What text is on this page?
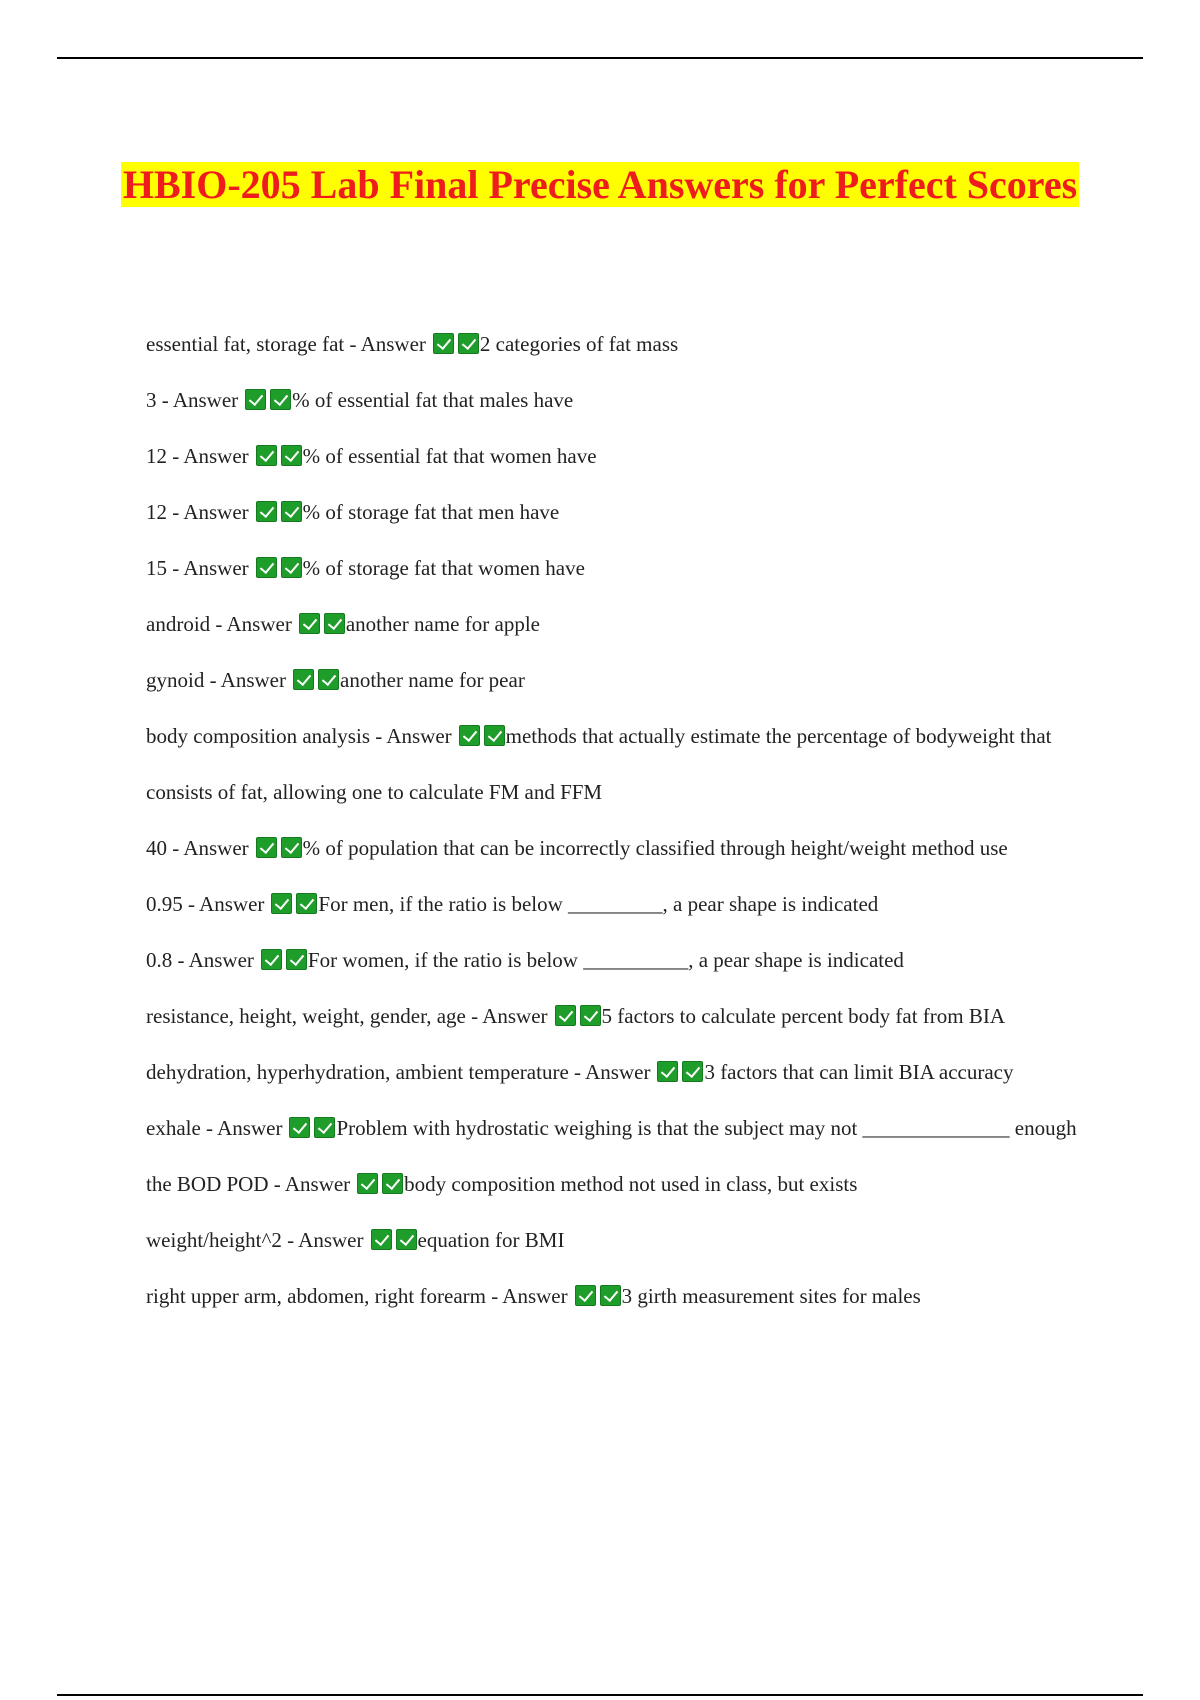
HBIO-205 Lab Final Precise Answers for Perfect Scores
essential fat, storage fat - Answer	2 categories of fat mass
3 - Answer	% of essential fat that males have
12 - Answer	% of essential fat that women have
12 - Answer	% of storage fat that men have
15 - Answer	% of storage fat that women have
android - Answer	another name for apple
gynoid - Answer	another name for pear
body composition analysis - Answer	methods that actually estimate the percentage of bodyweight that consists of fat, allowing one to calculate FM and FFM
40 - Answer	% of population that can be incorrectly classified through height/weight method use
0.95 - Answer	For men, if the ratio is below _________, a pear shape is indicated
0.8 - Answer	For women, if the ratio is below __________, a pear shape is indicated
resistance, height, weight, gender, age - Answer	5 factors to calculate percent body fat from BIA
dehydration, hyperhydration, ambient temperature - Answer	3 factors that can limit BIA accuracy
exhale - Answer	Problem with hydrostatic weighing is that the subject may not ______________ enough
the BOD POD - Answer	body composition method not used in class, but exists
weight/height^2 - Answer	equation for BMI
right upper arm, abdomen, right forearm - Answer	3 girth measurement sites for males
